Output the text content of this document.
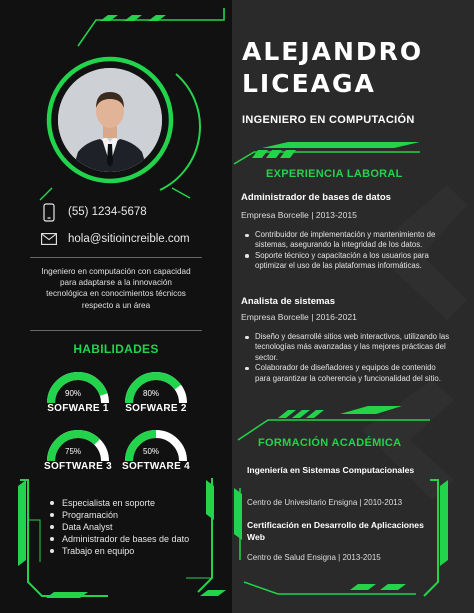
(55) 1234-5678
hola@sitioincreible.com
Ingeniero en computación con capacidad para adaptarse a la innovación tecnológica en conocimientos técnicos respecto a un área
HABILIDADES
90%
SOFWARE 1
80%
SOFWARE 2
75%
SOFTWARE 3
50%
SOFTWARE 4
Especialista en soporte
Programación
Data Analyst
Administrador de bases de dato
Trabajo en equipo
ALEJANDRO
LICEAGA
INGENIERO EN COMPUTACIÓN
EXPERIENCIA LABORAL
Administrador de bases de datos
Empresa Borcelle | 2013-2015
Contribuidor de implementación y mantenimiento de sistemas, asegurando la integridad de los datos.
Soporte técnico y capacitación a los usuarios para optimizar el uso de las plataformas informáticas.
Analista de sistemas
Empresa Borcelle | 2016-2021
Diseño y desarrollé sitios web interactivos, utilizando las tecnologías más avanzadas y las mejores prácticas del sector.
Colaborador de diseñadores y equipos de contenido para garantizar la coherencia y funcionalidad del sitio.
FORMACIÓN ACADÉMICA
Ingeniería en Sistemas Computacionales
Centro de Univesitario Ensigna | 2010-2013
Certificación en Desarrollo de Aplicaciones Web
Centro de Salud Ensigna | 2013-2015
